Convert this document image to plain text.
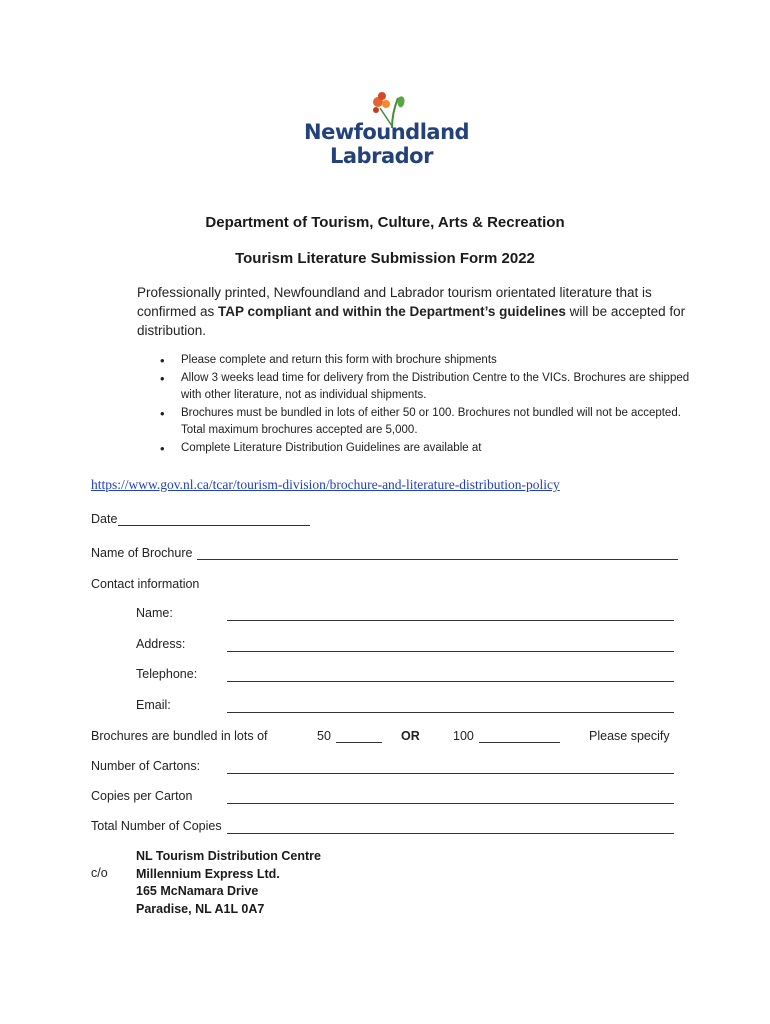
Newfoundland
Labrador
Department of Tourism, Culture, Arts & Recreation
Tourism Literature Submission Form 2022
Professionally printed, Newfoundland and Labrador tourism orientated literature that is confirmed as TAP compliant and within the Department’s guidelines will be accepted for distribution.
• Please complete and return this form with brochure shipments
• Allow 3 weeks lead time for delivery from the Distribution Centre to the VICs. Brochures are shipped with other literature, not as individual shipments.
• Brochures must be bundled in lots of either 50 or 100. Brochures not bundled will not be accepted. Total maximum brochures accepted are 5,000.
• Complete Literature Distribution Guidelines are available at
https://www.gov.nl.ca/tcar/tourism-division/brochure-and-literature-distribution-policy
Date
Name of Brochure
Contact information
Name:
Address:
Telephone:
Email:
Brochures are bundled in lots of	50	OR	100	Please specify
Number of Cartons:
Copies per Carton
Total Number of Copies
c/o
NL Tourism Distribution Centre
Millennium Express Ltd.
165 McNamara Drive
Paradise, NL A1L 0A7
